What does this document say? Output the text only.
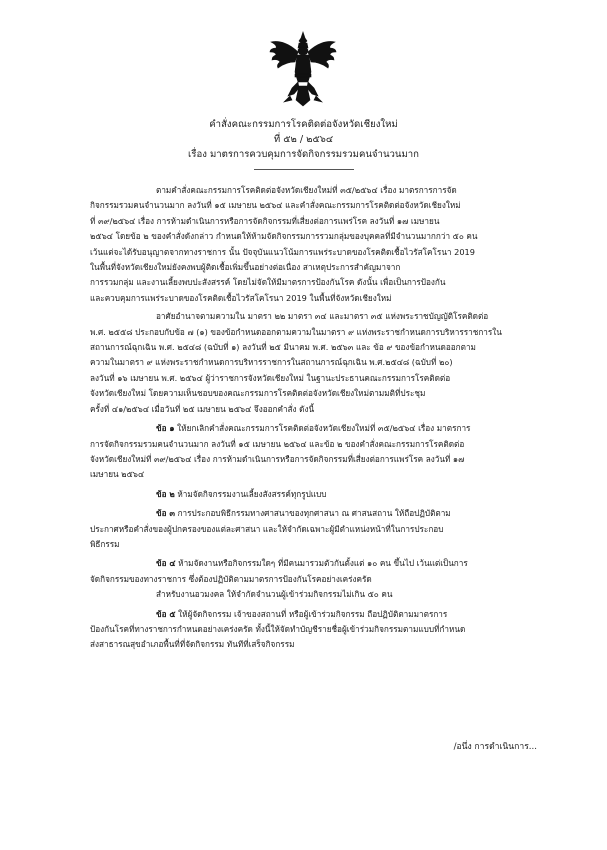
คำสั่งคณะกรรมการโรคติดต่อจังหวัดเชียงใหม่
ที่ ๕๒ / ๒๕๖๔
เรื่อง มาตรการควบคุมการจัดกิจกรรมรวมคนจำนวนมาก
ตามคำสั่งคณะกรรมการโรคติดต่อจังหวัดเชียงใหม่ที่ ๓๕/๒๕๖๔ เรื่อง มาตรการการจัด
กิจกรรมรวมคนจำนวนมาก ลงวันที่ ๑๕ เมษายน ๒๕๖๔ และคำสั่งคณะกรรมการโรคติดต่อจังหวัดเชียงใหม่
ที่ ๓๙/๒๕๖๔ เรื่อง การห้ามดำเนินการหรือการจัดกิจกรรมที่เสี่ยงต่อการแพร่โรค ลงวันที่ ๑๗ เมษายน
๒๕๖๔ โดยข้อ ๒ ของคำสั่งดังกล่าว กำหนดให้ห้ามจัดกิจกรรมการรวมกลุ่มของบุคคลที่มีจำนวนมากกว่า ๕๐ คน
เว้นแต่จะได้รับอนุญาตจากทางราชการ นั้น ปัจจุบันแนวโน้มการแพร่ระบาดของโรคติดเชื้อไวรัสโคโรนา 2019
ในพื้นที่จังหวัดเชียงใหม่ยังคงพบผู้ติดเชื้อเพิ่มขึ้นอย่างต่อเนื่อง สาเหตุประการสำคัญมาจาก
การรวมกลุ่ม และงานเลี้ยงพบปะสังสรรค์ โดยไม่จัดให้มีมาตรการป้องกันโรค ดังนั้น เพื่อเป็นการป้องกัน
และควบคุมการแพร่ระบาดของโรคติดเชื้อไวรัสโคโรนา 2019 ในพื้นที่จังหวัดเชียงใหม่
อาศัยอำนาจตามความใน มาตรา ๒๒ มาตรา ๓๔ และมาตรา ๓๕ แห่งพระราชบัญญัติโรคติดต่อ
พ.ศ. ๒๕๕๘ ประกอบกับข้อ ๗ (๑) ของข้อกำหนดออกตามความในมาตรา ๙ แห่งพระราชกำหนดการบริหารราชการใน
สถานการณ์ฉุกเฉิน พ.ศ. ๒๕๔๘ (ฉบับที่ ๑) ลงวันที่ ๒๕ มีนาคม พ.ศ. ๒๕๖๓ และ ข้อ ๙ ของข้อกำหนดออกตาม
ความในมาตรา ๙ แห่งพระราชกำหนดการบริหารราชการในสถานการณ์ฉุกเฉิน พ.ศ.๒๕๔๘ (ฉบับที่ ๒๐)
ลงวันที่ ๑๖ เมษายน พ.ศ. ๒๕๖๔ ผู้ว่าราชการจังหวัดเชียงใหม่ ในฐานะประธานคณะกรรมการโรคติดต่อ
จังหวัดเชียงใหม่ โดยความเห็นชอบของคณะกรรมการโรคติดต่อจังหวัดเชียงใหม่ตามมติที่ประชุม
ครั้งที่ ๔๑/๒๕๖๔ เมื่อวันที่ ๒๕ เมษายน ๒๕๖๔ จึงออกคำสั่ง ดังนี้
ข้อ ๑ ให้ยกเลิกคำสั่งคณะกรรมการโรคติดต่อจังหวัดเชียงใหม่ที่ ๓๕/๒๕๖๔ เรื่อง มาตรการ
การจัดกิจกรรมรวมคนจำนวนมาก ลงวันที่ ๑๕ เมษายน ๒๕๖๔ และข้อ ๒ ของคำสั่งคณะกรรมการโรคติดต่อ
จังหวัดเชียงใหม่ที่ ๓๙/๒๕๖๔ เรื่อง การห้ามดำเนินการหรือการจัดกิจกรรมที่เสี่ยงต่อการแพร่โรค ลงวันที่ ๑๗
เมษายน ๒๕๖๔
ข้อ ๒ ห้ามจัดกิจกรรมงานเลี้ยงสังสรรค์ทุกรูปแบบ
ข้อ ๓ การประกอบพิธีกรรมทางศาสนาของทุกศาสนา ณ ศาสนสถาน ให้ถือปฏิบัติตาม
ประกาศหรือคำสั่งของผู้ปกครองของแต่ละศาสนา และให้จำกัดเฉพาะผู้มีตำแหน่งหน้าที่ในการประกอบ
พิธีกรรม
ข้อ ๔ ห้ามจัดงานหรือกิจกรรมใดๆ ที่มีคนมารวมตัวกันตั้งแต่ ๑๐ คน ขึ้นไป เว้นแต่เป็นการ
จัดกิจกรรมของทางราชการ ซึ่งต้องปฏิบัติตามมาตรการป้องกันโรคอย่างเคร่งครัด
สำหรับงานอวมงคล ให้จำกัดจำนวนผู้เข้าร่วมกิจกรรมไม่เกิน ๕๐ คน
ข้อ ๕ ให้ผู้จัดกิจกรรม เจ้าของสถานที่ หรือผู้เข้าร่วมกิจกรรม ถือปฏิบัติตามมาตรการ
ป้องกันโรคที่ทางราชการกำหนดอย่างเคร่งครัด ทั้งนี้ให้จัดทำบัญชีรายชื่อผู้เข้าร่วมกิจกรรมตามแบบที่กำหนด
ส่งสาธารณสุขอำเภอพื้นที่ที่จัดกิจกรรม ทันทีที่เสร็จกิจกรรม
/อนึ่ง การดำเนินการ...
